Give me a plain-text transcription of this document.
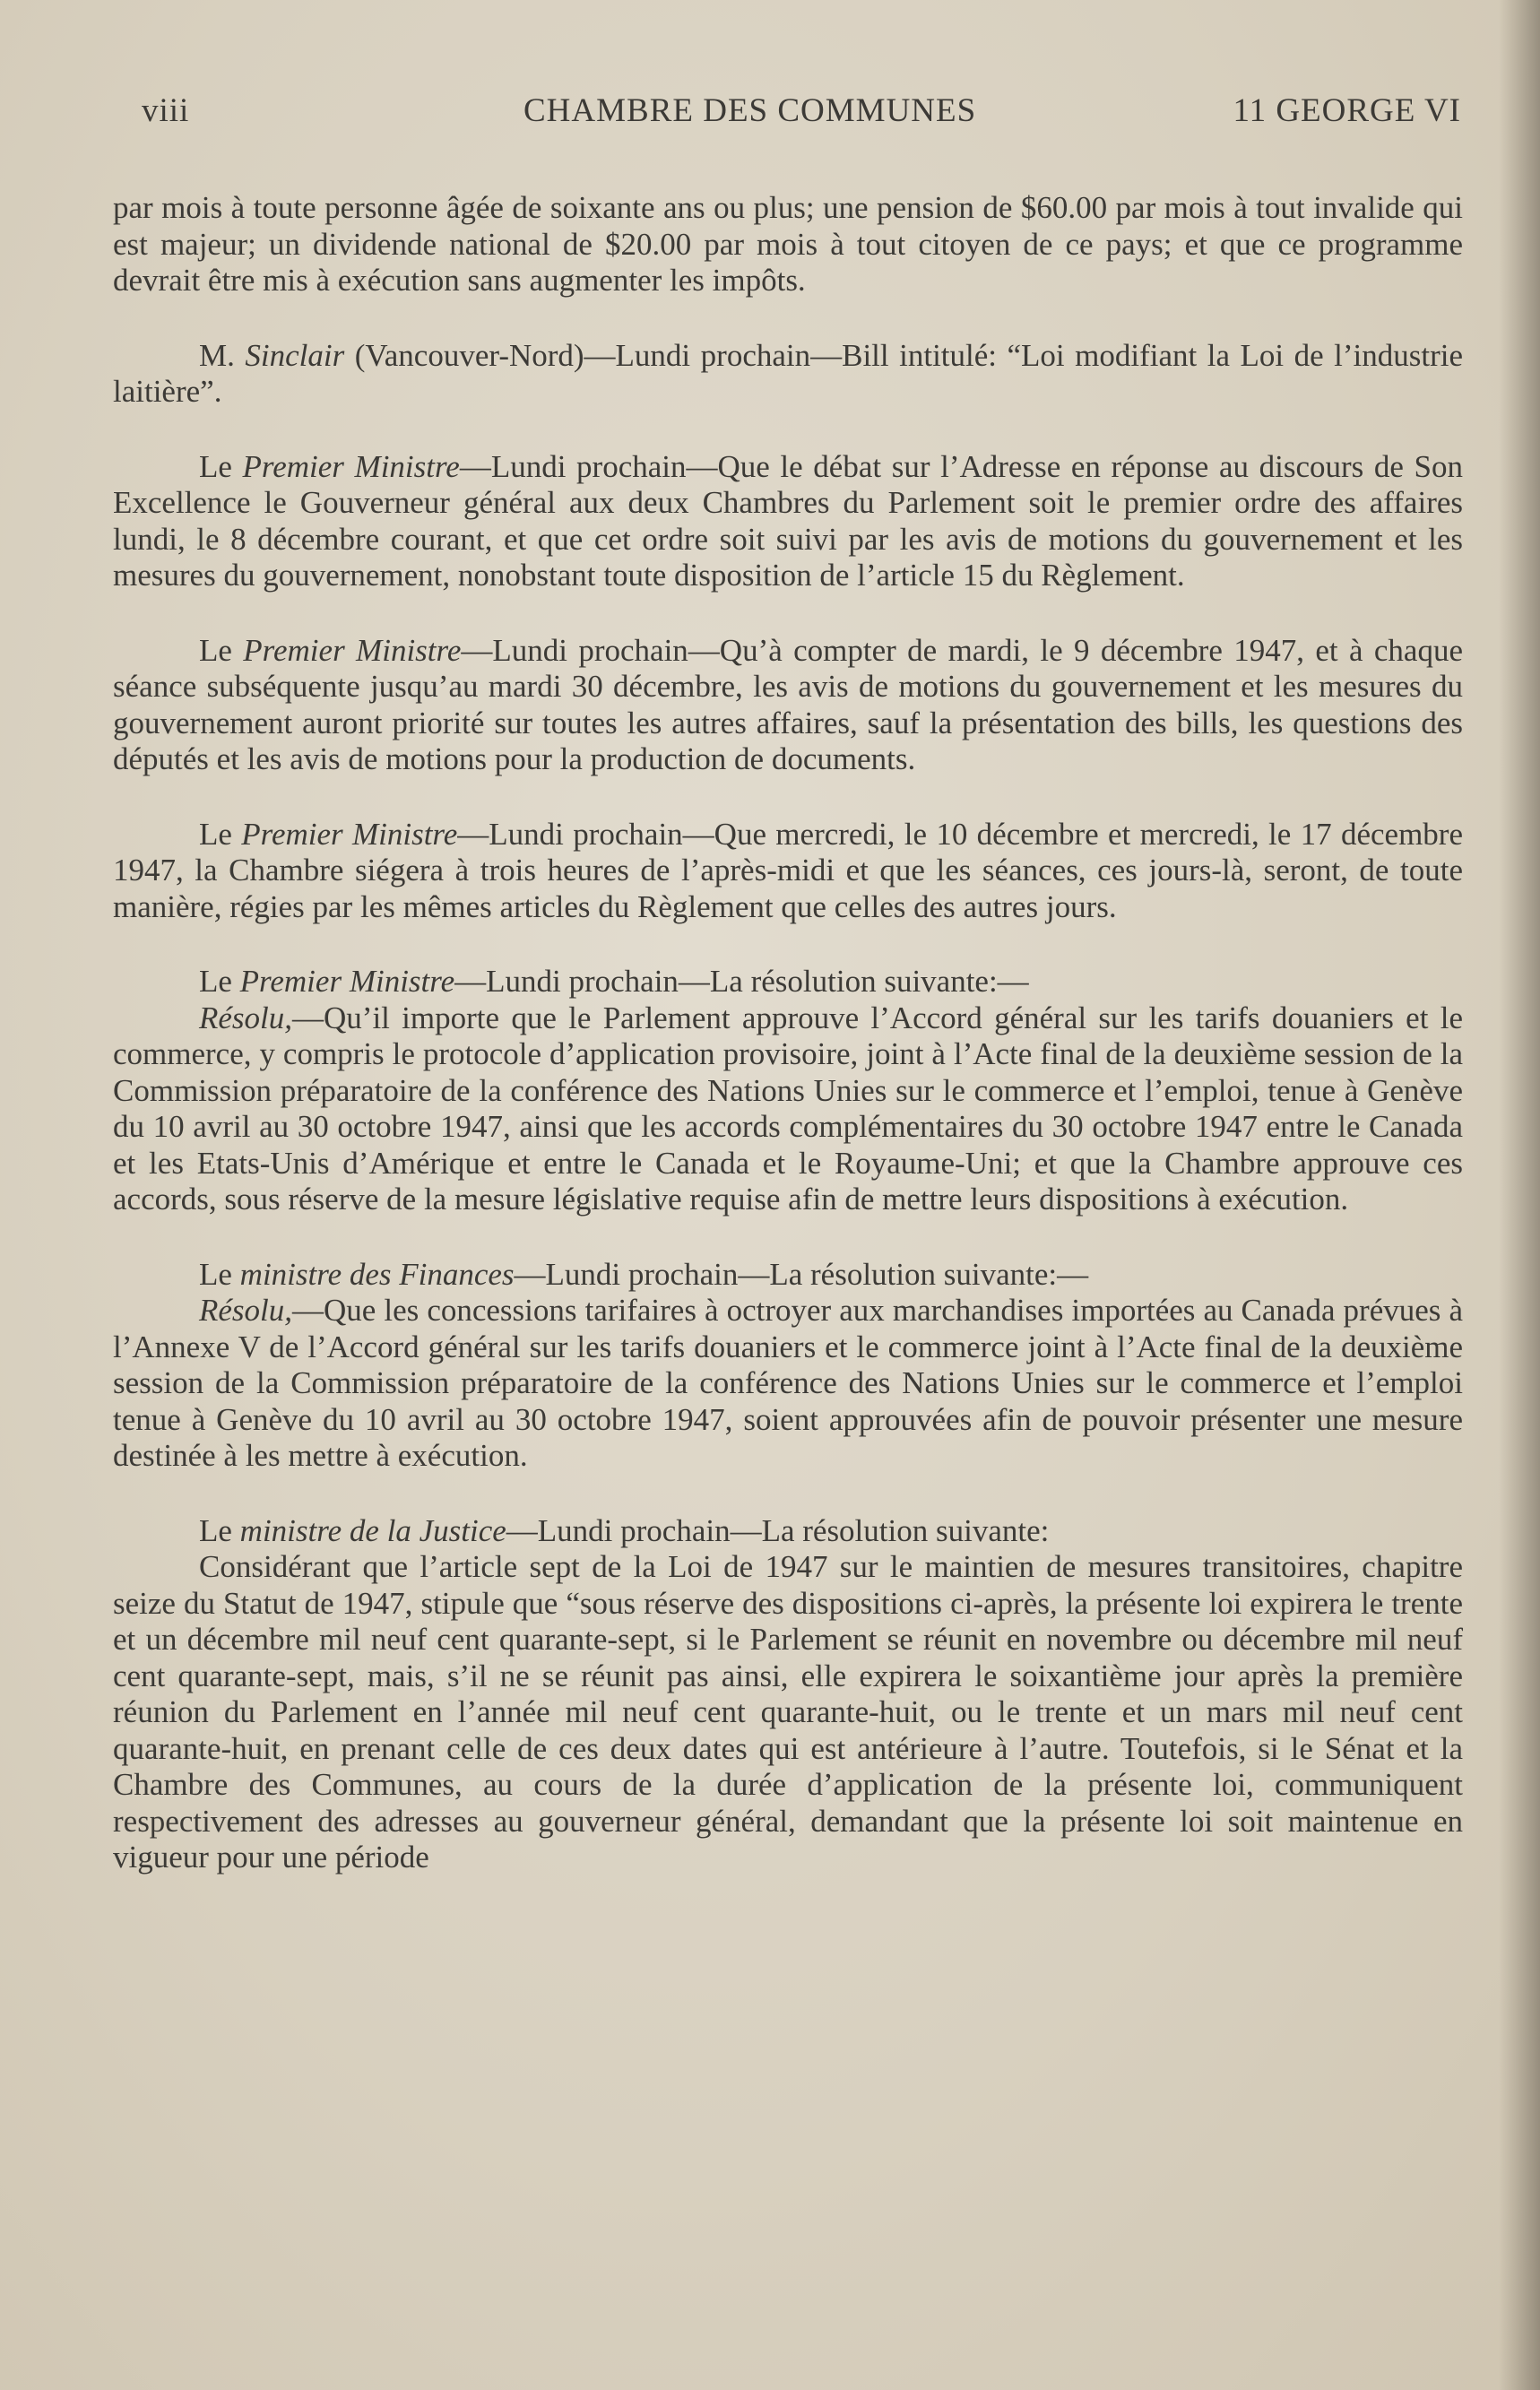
viii	CHAMBRE DES COMMUNES	11 GEORGE VI

par mois à toute personne âgée de soixante ans ou plus; une pension de $60.00 par mois à tout invalide qui est majeur; un dividende national de $20.00 par mois à tout citoyen de ce pays; et que ce programme devrait être mis à exécution sans augmenter les impôts.

M. Sinclair (Vancouver-Nord)—Lundi prochain—Bill intitulé: “Loi modifiant la Loi de l’industrie laitière”.

Le Premier Ministre—Lundi prochain—Que le débat sur l’Adresse en réponse au discours de Son Excellence le Gouverneur général aux deux Chambres du Parlement soit le premier ordre des affaires lundi, le 8 décembre courant, et que cet ordre soit suivi par les avis de motions du gouvernement et les mesures du gouvernement, nonobstant toute disposition de l’article 15 du Règlement.

Le Premier Ministre—Lundi prochain—Qu’à compter de mardi, le 9 décembre 1947, et à chaque séance subséquente jusqu’au mardi 30 décembre, les avis de motions du gouvernement et les mesures du gouvernement auront priorité sur toutes les autres affaires, sauf la présentation des bills, les questions des députés et les avis de motions pour la production de documents.

Le Premier Ministre—Lundi prochain—Que mercredi, le 10 décembre et mercredi, le 17 décembre 1947, la Chambre siégera à trois heures de l’après-midi et que les séances, ces jours-là, seront, de toute manière, régies par les mêmes articles du Règlement que celles des autres jours.

Le Premier Ministre—Lundi prochain—La résolution suivante:—

Résolu,—Qu’il importe que le Parlement approuve l’Accord général sur les tarifs douaniers et le commerce, y compris le protocole d’application provisoire, joint à l’Acte final de la deuxième session de la Commission préparatoire de la conférence des Nations Unies sur le commerce et l’emploi, tenue à Genève du 10 avril au 30 octobre 1947, ainsi que les accords complémentaires du 30 octobre 1947 entre le Canada et les Etats-Unis d’Amérique et entre le Canada et le Royaume-Uni; et que la Chambre approuve ces accords, sous réserve de la mesure législative requise afin de mettre leurs dispositions à exécution.

Le ministre des Finances—Lundi prochain—La résolution suivante:—

Résolu,—Que les concessions tarifaires à octroyer aux marchandises importées au Canada prévues à l’Annexe V de l’Accord général sur les tarifs douaniers et le commerce joint à l’Acte final de la deuxième session de la Commission préparatoire de la conférence des Nations Unies sur le commerce et l’emploi tenue à Genève du 10 avril au 30 octobre 1947, soient approuvées afin de pouvoir présenter une mesure destinée à les mettre à exécution.

Le ministre de la Justice—Lundi prochain—La résolution suivante:

Considérant que l’article sept de la Loi de 1947 sur le maintien de mesures transitoires, chapitre seize du Statut de 1947, stipule que “sous réserve des dispositions ci-après, la présente loi expirera le trente et un décembre mil neuf cent quarante-sept, si le Parlement se réunit en novembre ou décembre mil neuf cent quarante-sept, mais, s’il ne se réunit pas ainsi, elle expirera le soixantième jour après la première réunion du Parlement en l’année mil neuf cent quarante-huit, ou le trente et un mars mil neuf cent quarante-huit, en prenant celle de ces deux dates qui est antérieure à l’autre. Toutefois, si le Sénat et la Chambre des Communes, au cours de la durée d’application de la présente loi, communiquent respectivement des adresses au gouverneur général, demandant que la présente loi soit maintenue en vigueur pour une période
